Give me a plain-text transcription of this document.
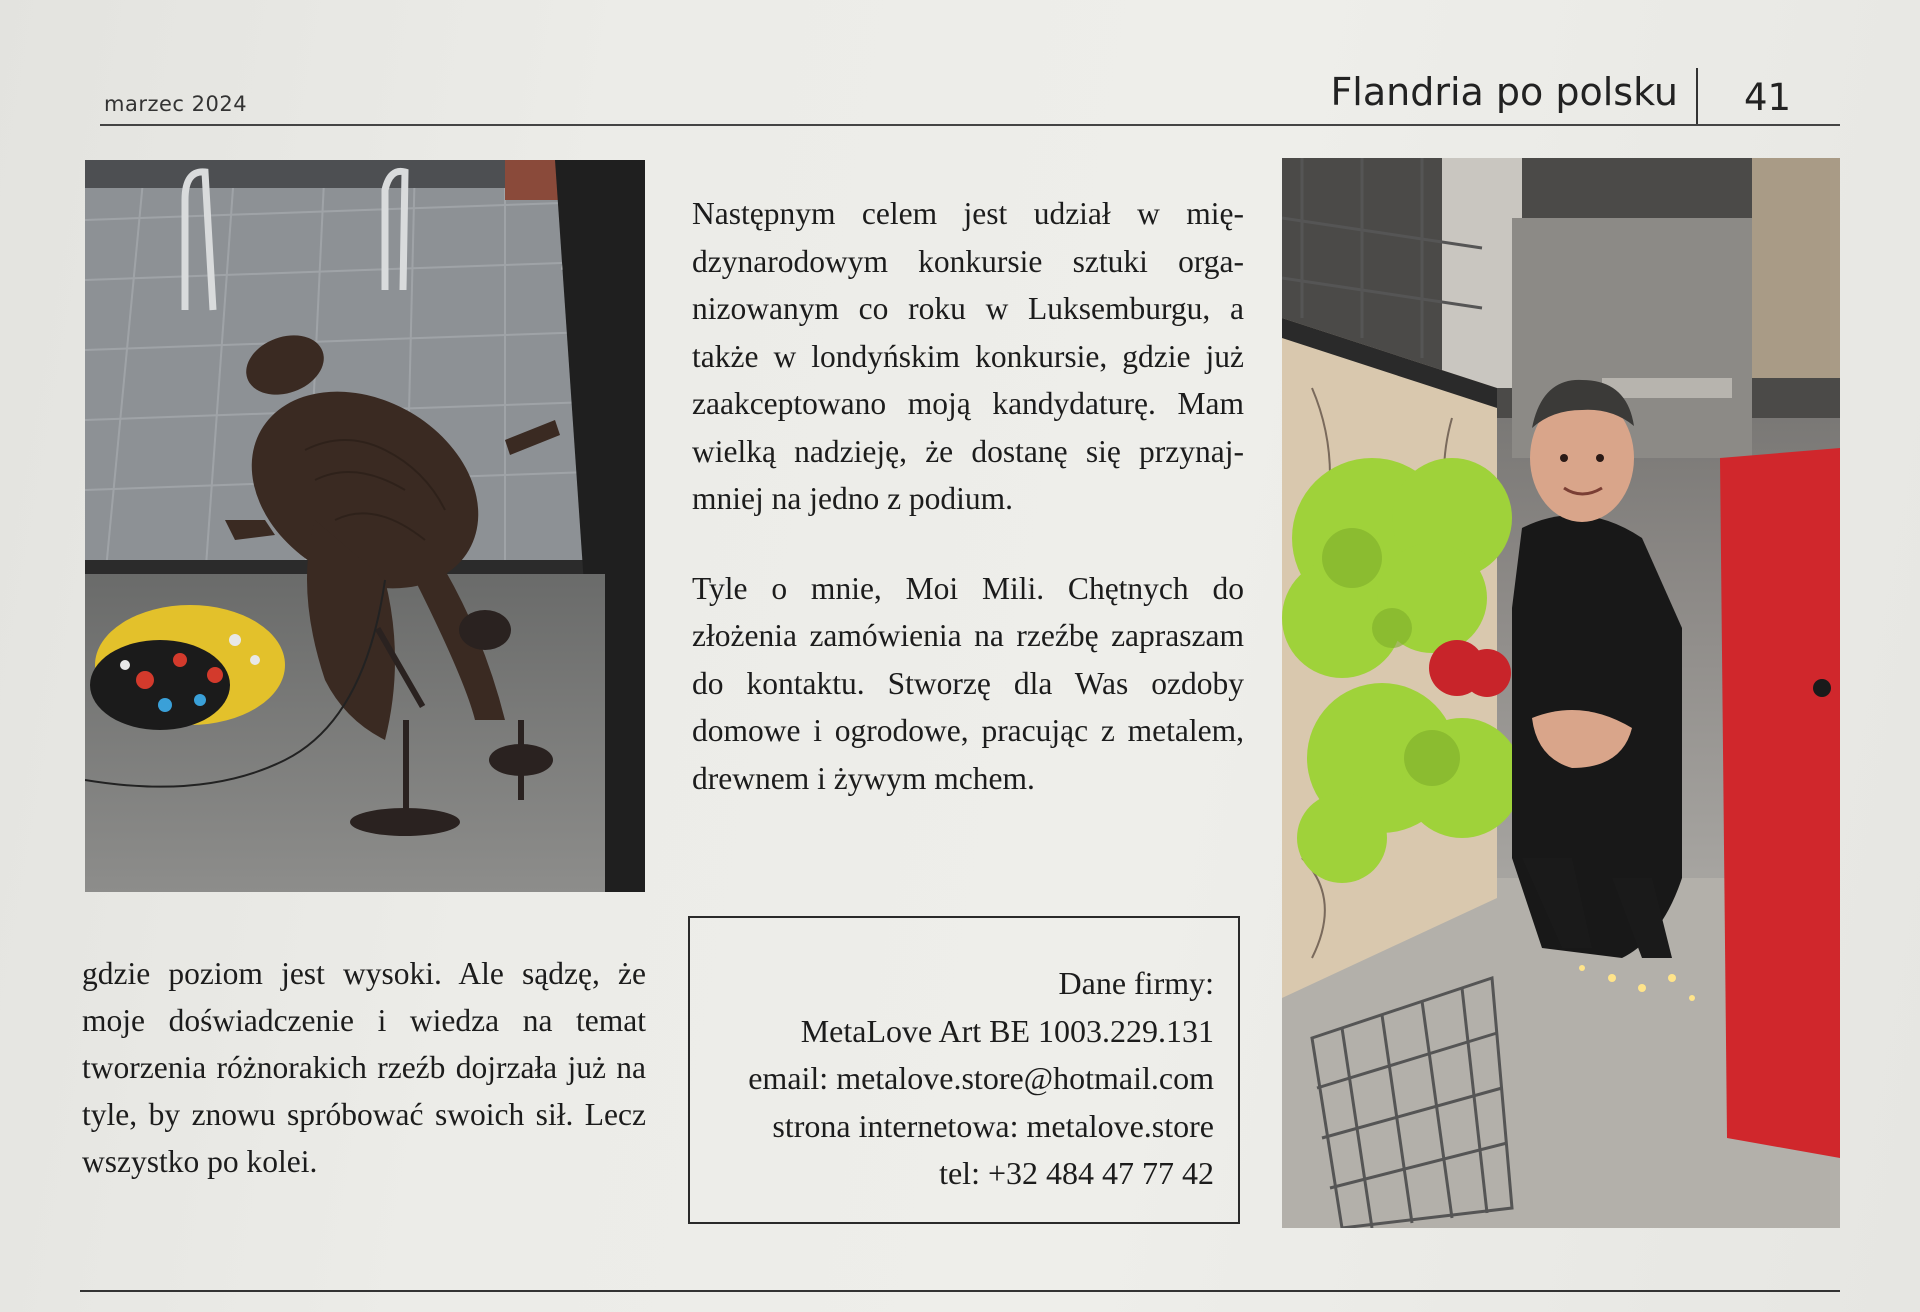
marzec 2024	Flandria po polsku 41

Następnym celem jest udział w międzynarodowym konkursie sztuki organizowanym co roku w Luksemburgu, a także w londyńskim konkursie, gdzie już zaakceptowano moją kandydaturę. Mam wielką nadzieję, że dostanę się przynajmniej na jedno z podium.

Tyle o mnie, Moi Mili. Chętnych do złożenia zamówienia na rzeźbę zapraszam do kontaktu. Stworzę dla Was ozdoby domowe i ogrodowe, pracując z metalem, drewnem i żywym mchem.

gdzie poziom jest wysoki. Ale sądzę, że moje doświadczenie i wiedza na temat tworzenia różnorakich rzeźb dojrzała już na tyle, by znowu spróbować swoich sił. Lecz wszystko po kolei.
Dane firmy:
MetaLove Art BE 1003.229.131
email: metalove.store@hotmail.com
strona internetowa: metalove.store
tel: +32 484 47 77 42
